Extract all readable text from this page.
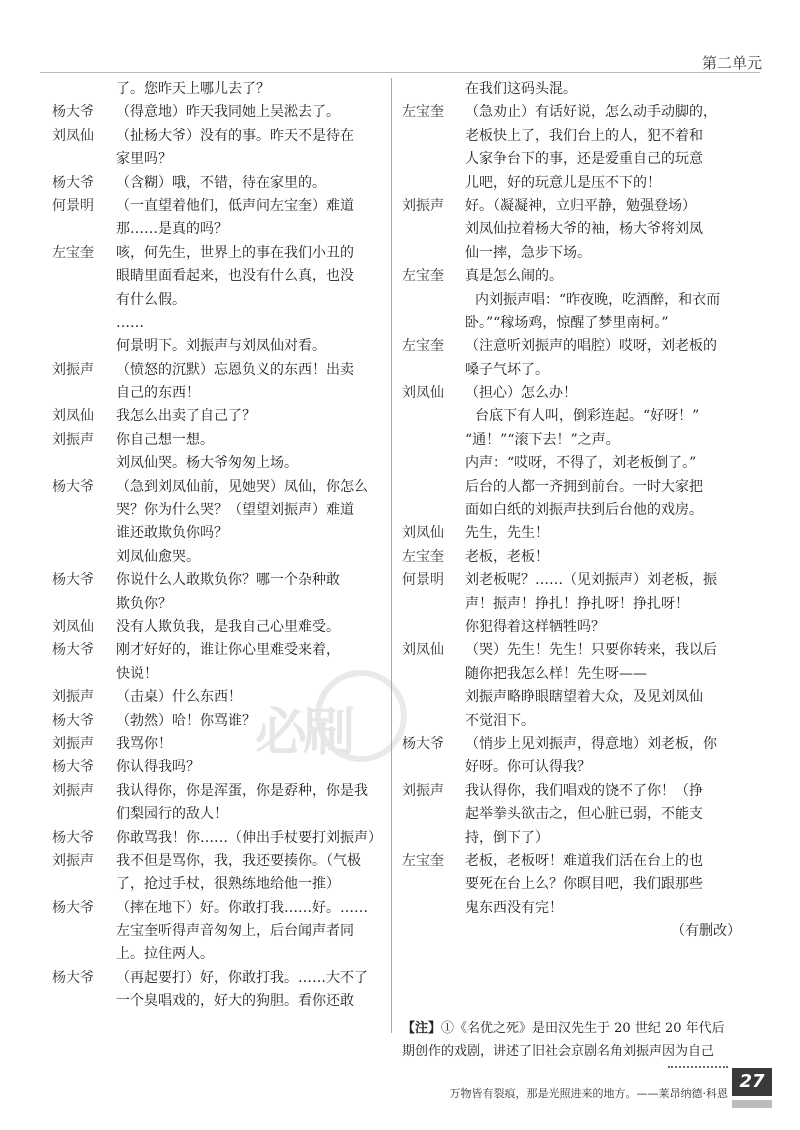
第二单元
了。您昨天上哪儿去了？
杨大爷 （得意地）昨天我同她上吴淞去了。
刘凤仙 （扯杨大爷）没有的事。昨天不是待在
家里吗？
杨大爷 （含糊）哦，不错，待在家里的。
何景明 （一直望着他们，低声问左宝奎）难道
那……是真的吗？
左宝奎 咳，何先生，世界上的事在我们小丑的
眼睛里面看起来，也没有什么真，也没
有什么假。
……
何景明下。刘振声与刘凤仙对看。
刘振声 （愤怒的沉默）忘恩负义的东西！出卖
自己的东西！
刘凤仙 我怎么出卖了自己了？
刘振声 你自己想一想。
刘凤仙哭。杨大爷匆匆上场。
杨大爷 （急到刘凤仙前，见她哭）凤仙，你怎么
哭？你为什么哭？（望望刘振声）难道
谁还敢欺负你吗？
刘凤仙愈哭。
杨大爷 你说什么人敢欺负你？哪一个杂种敢
欺负你？
刘凤仙 没有人欺负我，是我自己心里难受。
杨大爷 刚才好好的，谁让你心里难受来着，
快说！
刘振声 （击桌）什么东西！
杨大爷 （勃然）哈！你骂谁？
刘振声 我骂你！
杨大爷 你认得我吗？
刘振声 我认得你，你是浑蛋，你是孬种，你是我
们梨园行的敌人！
杨大爷 你敢骂我！你……（伸出手杖要打刘振声）
刘振声 我不但是骂你，我，我还要揍你。（气极
了，抢过手杖，很熟练地给他一推）
杨大爷 （摔在地下）好。你敢打我……好。……
左宝奎听得声音匆匆上，后台闻声者同
上。拉住两人。
杨大爷 （再起要打）好，你敢打我。……大不了
一个臭唱戏的，好大的狗胆。看你还敢
在我们这码头混。
左宝奎 （急劝止）有话好说，怎么动手动脚的，
老板快上了，我们台上的人，犯不着和
人家争台下的事，还是爱重自己的玩意
儿吧，好的玩意儿是压不下的！
刘振声 好。（凝凝神，立归平静，勉强登场）
刘凤仙拉着杨大爷的袖，杨大爷将刘凤
仙一摔，急步下场。
左宝奎 真是怎么闹的。
内刘振声唱：“昨夜晚，吃酒醉，和衣而
卧。”“稼场鸡，惊醒了梦里南柯。”
左宝奎 （注意听刘振声的唱腔）哎呀，刘老板的
嗓子气坏了。
刘凤仙 （担心）怎么办！
台底下有人叫，倒彩连起。“好呀！”
“通！”“滚下去！”之声。
内声：“哎呀，不得了，刘老板倒了。”
后台的人都一齐拥到前台。一时大家把
面如白纸的刘振声扶到后台他的戏房。
刘凤仙 先生，先生！
左宝奎 老板，老板！
何景明 刘老板呢？……（见刘振声）刘老板，振
声！振声！挣扎！挣扎呀！挣扎呀！
你犯得着这样牺牲吗？
刘凤仙 （哭）先生！先生！只要你转来，我以后
随你把我怎么样！先生呀——
刘振声略睁眼瞎望着大众，及见刘凤仙
不觉泪下。
杨大爷 （悄步上见刘振声，得意地）刘老板，你
好呀。你可认得我？
刘振声 我认得你，我们唱戏的饶不了你！（挣
起举拳头欲击之，但心脏已弱，不能支
持，倒下了）
左宝奎 老板，老板呀！难道我们活在台上的也
要死在台上么？你瞑目吧，我们跟那些
鬼东西没有完！
（有删改）
必刷
【注】①《名优之死》是田汉先生于 20 世纪 20 年代后
期创作的戏剧，讲述了旧社会京剧名角刘振声因为自己
万物皆有裂痕，那是光照进来的地方。——莱昂纳德·科恩
27
